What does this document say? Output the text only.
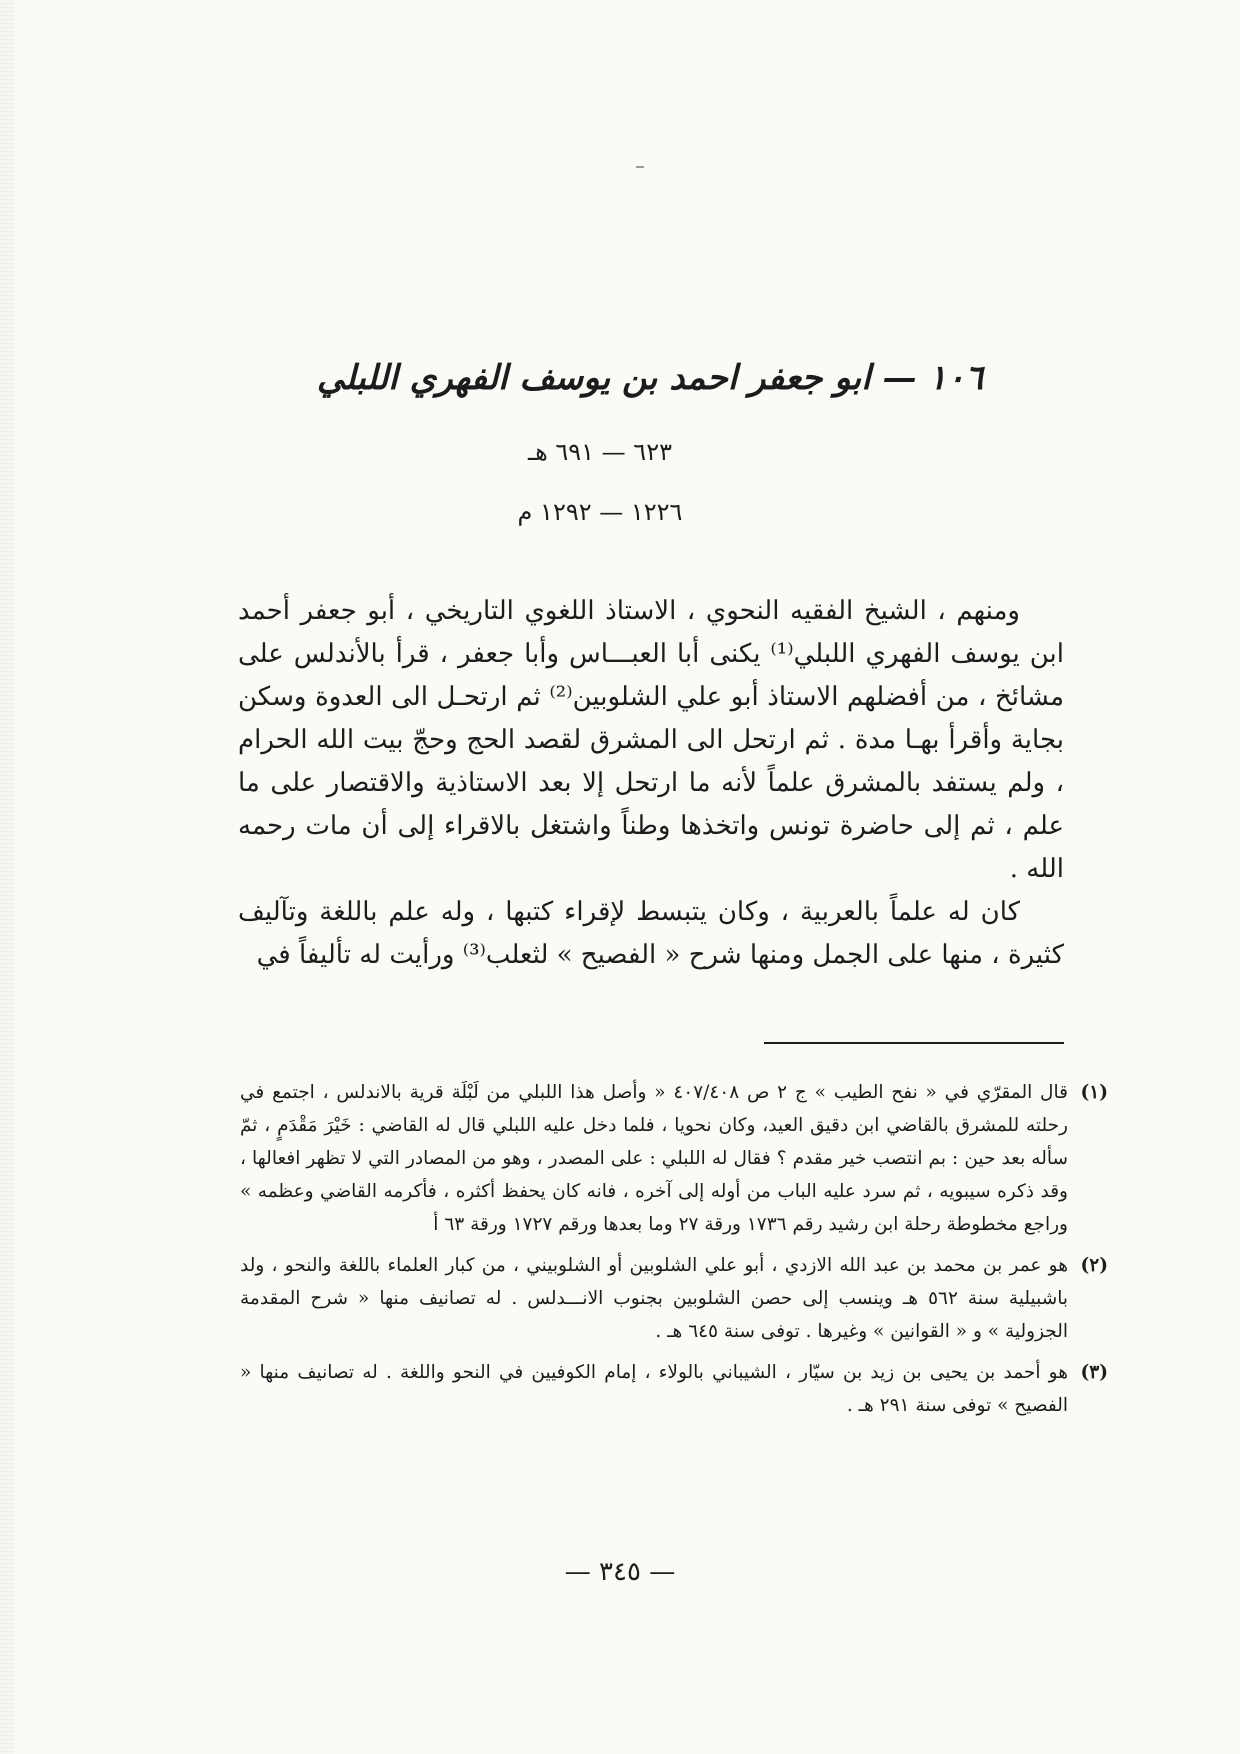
١٠٦ — ابو جعفر احمد بن يوسف الفهري اللبلي
٦٢٣ — ٦٩١ هـ
١٢٢٦ — ١٢٩٢ م

ومنهم ، الشيخ الفقيه النحوي ، الاستاذ اللغوي التاريخي ، أبو جعفر أحمد ابن يوسف الفهري اللبلي⁽¹⁾ يكنى أبا العبـــاس وأبا جعفر ، قرأ بالأندلس على مشائخ ، من أفضلهم الاستاذ أبو علي الشلوبين⁽²⁾ ثم ارتحـل الى العدوة وسكن بجاية وأقرأ بهـا مدة . ثم ارتحل الى المشرق لقصد الحج وحجّ بيت الله الحرام ، ولم يستفد بالمشرق علماً لأنه ما ارتحل إلا بعد الاستاذية والاقتصار على ما علم ، ثم إلى حاضرة تونس واتخذها وطناً واشتغل بالاقراء إلى أن مات رحمه الله .

كان له علماً بالعربية ، وكان يتبسط لإقراء كتبها ، وله علم باللغة وتآليف كثيرة ، منها على الجمل ومنها شرح « الفصيح » لثعلب⁽³⁾ ورأيت له تأليفاً في

(١)قال المقرّي في « نفح الطيب » ج ٢ ص ٤٠٧/٤٠٨ « وأصل هذا اللبلي من لَبْلَة قرية بالاندلس ، اجتمع في رحلته للمشرق بالقاضي ابن دقيق العيد، وكان نحويا ، فلما دخل عليه اللبلي قال له القاضي : خَيْرَ مَقْدَمٍ ، ثمّ سأله بعد حين : بم انتصب خير مقدم ؟ فقال له اللبلي : على المصدر ، وهو من المصادر التي لا تظهر افعالها ، وقد ذكره سيبويه ، ثم سرد عليه الباب من أوله إلى آخره ، فانه كان يحفظ أكثره ، فأكرمه القاضي وعظمه » وراجع مخطوطة رحلة ابن رشيد رقم ١٧٣٦ ورقة ٢٧ وما بعدها ورقم ١٧٢٧ ورقة ٦٣ أ

(٢)هو عمر بن محمد بن عبد الله الازدي ، أبو علي الشلوبين أو الشلوبيني ، من كبار العلماء باللغة والنحو ، ولد باشبيلية سنة ٥٦٢ هـ وينسب إلى حصن الشلوبين بجنوب الانـــدلس . له تصانيف منها « شرح المقدمة الجزولية » و « القوانين » وغيرها . توفى سنة ٦٤٥ هـ .

(٣)هو أحمد بن يحيى بن زيد بن سيّار ، الشيباني بالولاء ، إمام الكوفيين في النحو واللغة . له تصانيف منها « الفصيح » توفى سنة ٢٩١ هـ .

— ٣٤٥ —
